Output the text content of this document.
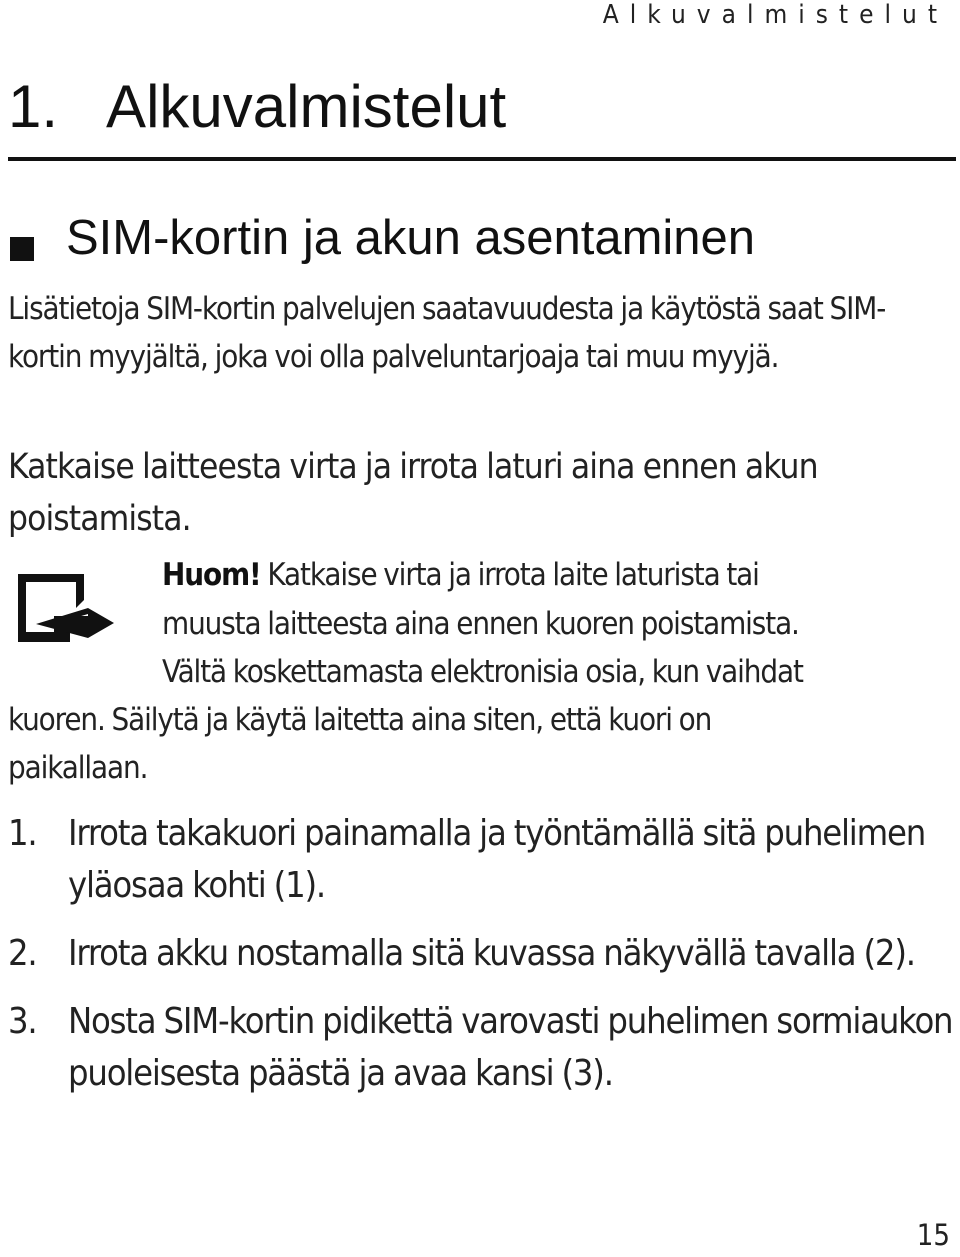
Alkuvalmistelut
1. Alkuvalmistelut
SIM-kortin ja akun asentaminen
Lisätietoja SIM-kortin palvelujen saatavuudesta ja käytöstä saat SIM-kortin myyjältä, joka voi olla palveluntarjoaja tai muu myyjä.
Katkaise laitteesta virta ja irrota laturi aina ennen akun poistamista.
Huom! Katkaise virta ja irrota laite laturista tai
muusta laitteesta aina ennen kuoren poistamista.
Vältä koskettamasta elektronisia osia, kun vaihdat
kuoren. Säilytä ja käytä laitetta aina siten, että kuori on
paikallaan.
1. Irrota takakuori painamalla ja työntämällä sitä puhelimen yläosaa kohti (1).
2. Irrota akku nostamalla sitä kuvassa näkyvällä tavalla (2).
3. Nosta SIM-kortin pidikettä varovasti puhelimen sormiaukon puoleisesta päästä ja avaa kansi (3).
15
